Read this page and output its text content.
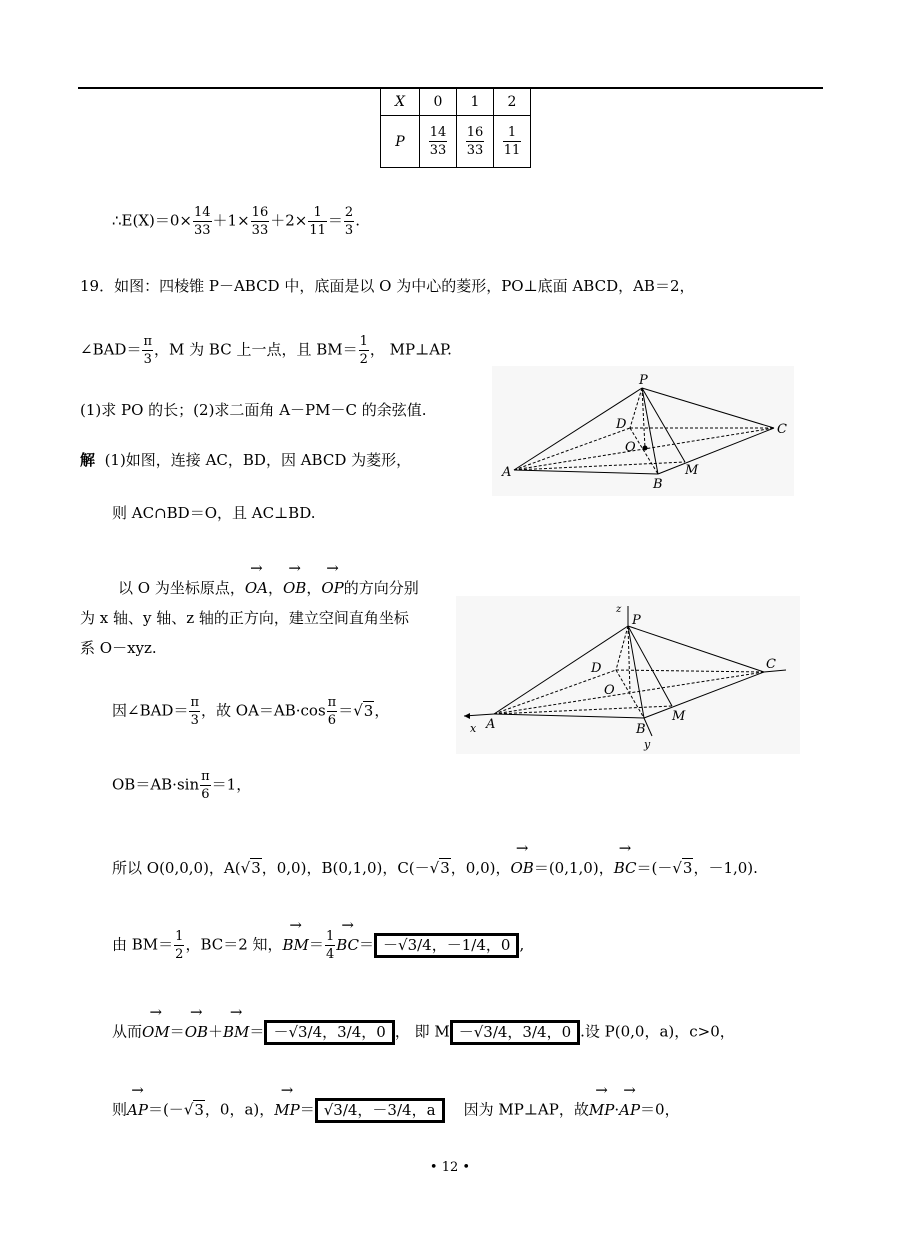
X	0	1	2
P	$\frac{14}{33}$	$\frac{16}{33}$	$\frac{1}{11}$
∴E(X)＝0× $\frac{14}{33} +1\times \frac{16}{33} +2\times \frac{1}{11} = \frac{2}{3}$ .
19．如图：四棱锥 P－ABCD 中，底面是以 O 为中心的菱形，PO⊥底面 ABCD，AB＝2，
∠BAD＝ $\frac{\pi}{3}$ ，M 为 BC 上一点，且 $BM= \frac{1}{2}$ ， MP⊥AP.
(1)求 PO 的长；(2)求二面角 A－PM－C 的余弦值.
解 (1)如图，连接 AC，BD，因 ABCD 为菱形，
则 AC∩BD＝O，且 AC⊥BD.
以 O 为坐标原点，→ OA，→ OB，→ OP的方向分别
为 x 轴、y 轴、z 轴的正方向，建立空间直角坐标
系 O－xyz.
因∠BAD＝ $\frac{\pi}{3}$ ，故 $OA=AB\cdot\cos \frac{\pi}{6} =√3$，
$OB=AB\cdot\sin \frac{\pi}{6} =1$，
所以 O(0,0,0)，A(√3，0,0)，B(0,1,0)，C(－√3，0,0)，→ OB＝(0,1,0)，→ BC＝(－√3，－1,0).
由 $BM= \frac{1}{2}$ ，BC＝2 知，→ $BM= \frac{1}{4} \to BC= -√3/4$，－1/4，0 ,
从而→ OM＝→ OB＋→ BM＝ －√3/4，3/4，0 ， 即 M －√3/4，3/4，0 .设 P(0,0，a)，c>0，
则→ AP＝(－√3，0，a)，→ MP＝ √3/4，－3/4，a 因为 MP⊥AP，故→ MP·→ AP＝0，
P
D	C
O
A
B
M
z
P
D	C
O
x A	B
M
y
• 12 •
